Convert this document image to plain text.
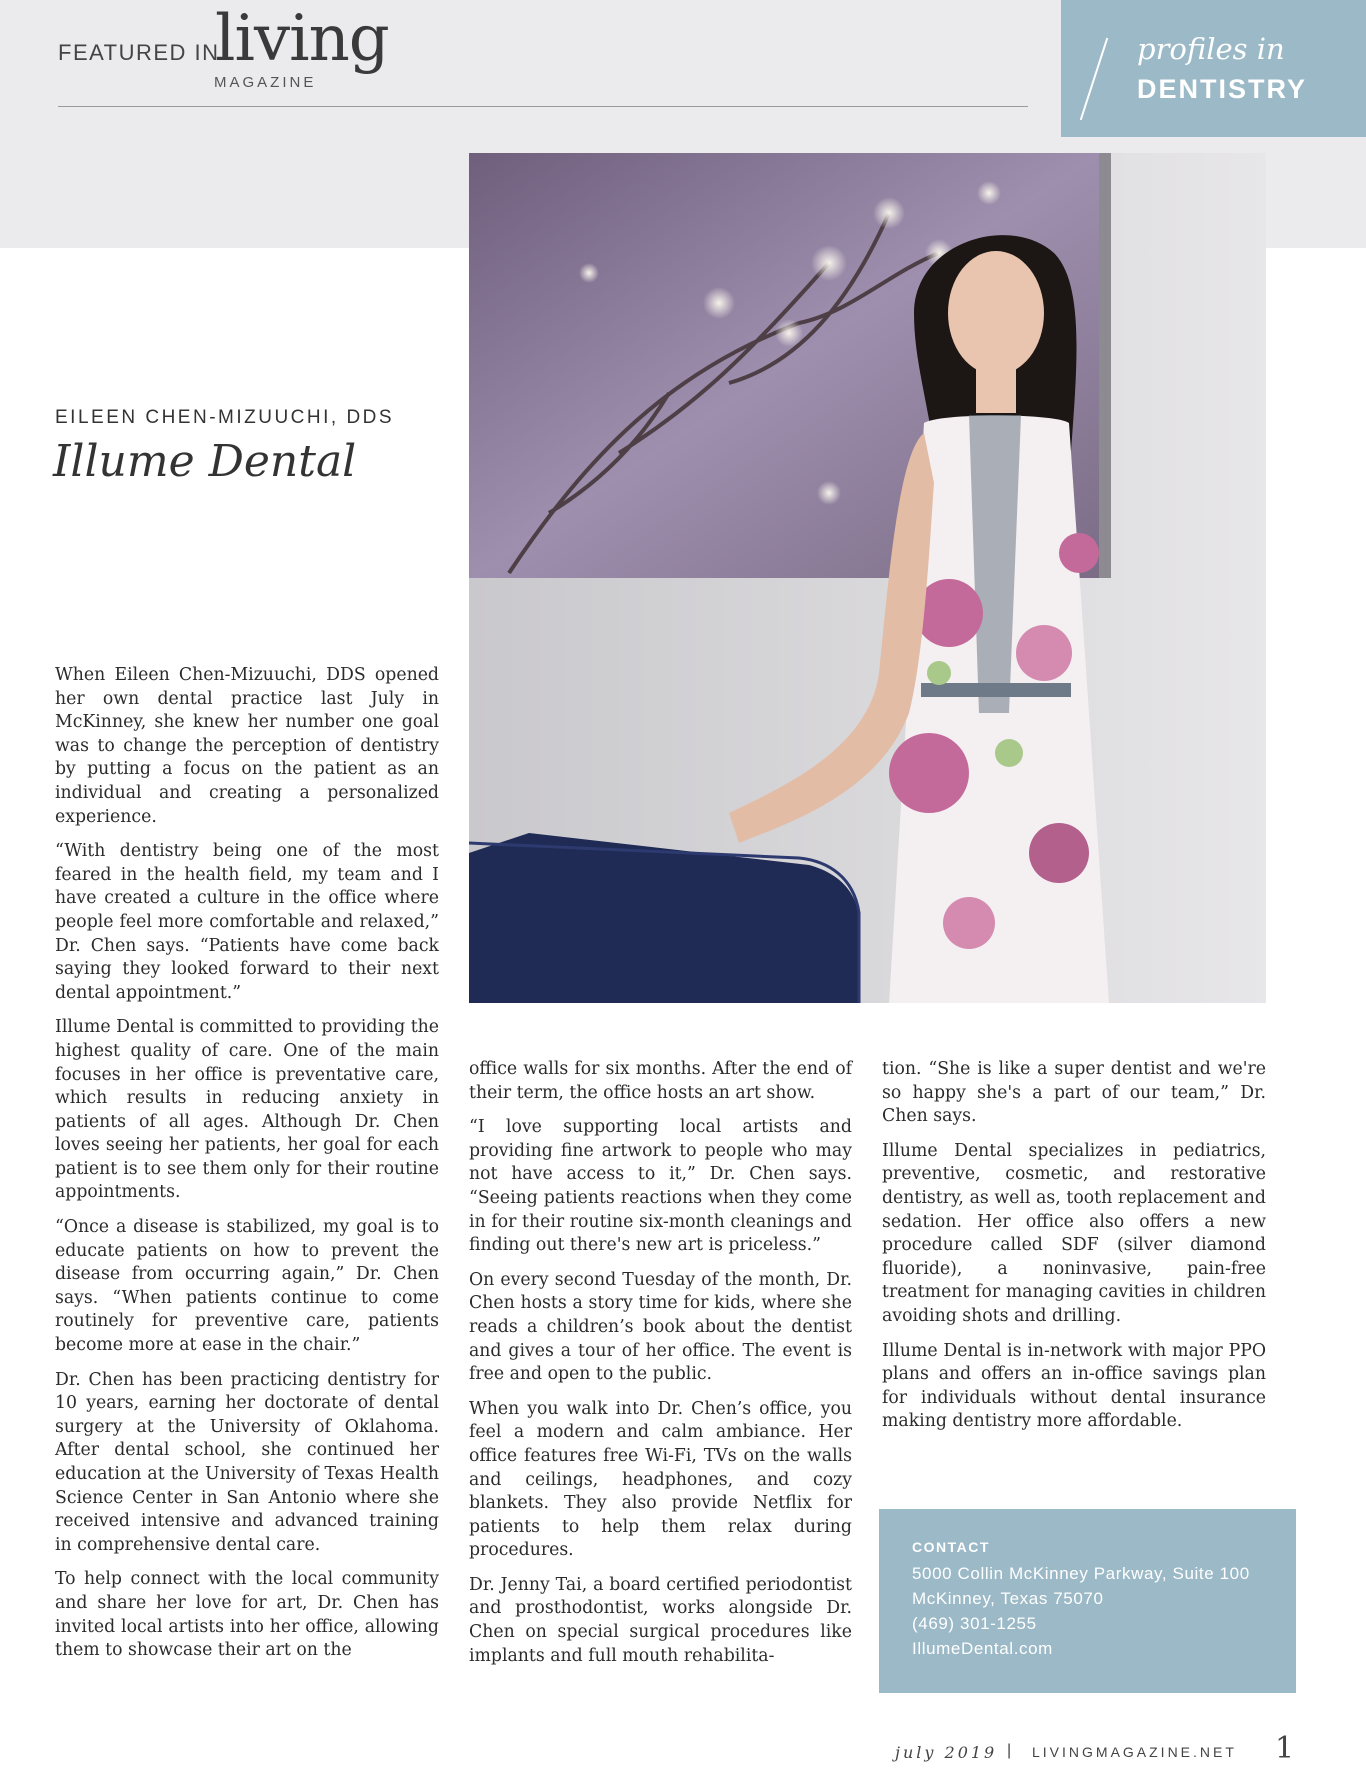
FEATURED IN
living
MAGAZINE
profiles in
DENTISTRY
EILEEN CHEN-MIZUUCHI, DDS
Illume Dental

When Eileen Chen-Mizuuchi, DDS opened her own dental practice last July in McKinney, she knew her number one goal was to change the perception of dentistry by putting a focus on the patient as an individual and creating a personalized experience.

“With dentistry being one of the most feared in the health field, my team and I have created a culture in the office where people feel more comfortable and relaxed,” Dr. Chen says. “Patients have come back saying they looked forward to their next dental appointment.”

Illume Dental is committed to providing the highest quality of care. One of the main focuses in her office is preventative care, which results in reducing anxiety in patients of all ages. Although Dr. Chen loves seeing her patients, her goal for each patient is to see them only for their routine appointments.

“Once a disease is stabilized, my goal is to educate patients on how to prevent the disease from occurring again,” Dr. Chen says. “When patients continue to come routinely for preventive care, patients become more at ease in the chair.”

Dr. Chen has been practicing dentistry for 10 years, earning her doctorate of dental surgery at the University of Oklahoma. After dental school, she continued her education at the University of Texas Health Science Center in San Antonio where she received intensive and advanced training in comprehensive dental care.

To help connect with the local community and share her love for art, Dr. Chen has invited local artists into her office, allowing them to showcase their art on the

office walls for six months. After the end of their term, the office hosts an art show.

“I love supporting local artists and providing fine artwork to people who may not have access to it,” Dr. Chen says. “Seeing patients reactions when they come in for their routine six-month cleanings and finding out there's new art is priceless.”

On every second Tuesday of the month, Dr. Chen hosts a story time for kids, where she reads a children’s book about the dentist and gives a tour of her office. The event is free and open to the public.

When you walk into Dr. Chen’s office, you feel a modern and calm ambiance. Her office features free Wi-Fi, TVs on the walls and ceilings, headphones, and cozy blankets. They also provide Netflix for patients to help them relax during procedures.

Dr. Jenny Tai, a board certified periodontist and prosthodontist, works alongside Dr. Chen on special surgical procedures like implants and full mouth rehabilita-

tion. “She is like a super dentist and we're so happy she's a part of our team,” Dr. Chen says.

Illume Dental specializes in pediatrics, preventive, cosmetic, and restorative dentistry, as well as, tooth replacement and sedation. Her office also offers a new procedure called SDF (silver diamond fluoride), a noninvasive, pain-free treatment for managing cavities in children avoiding shots and drilling.

Illume Dental is in-network with major PPO plans and offers an in-office savings plan for individuals without dental insurance making dentistry more affordable.

CONTACT
5000 Collin McKinney Parkway, Suite 100
McKinney, Texas 75070
(469) 301-1255
IllumeDental.com
july 2019 | LIVINGMAGAZINE.NET 1
